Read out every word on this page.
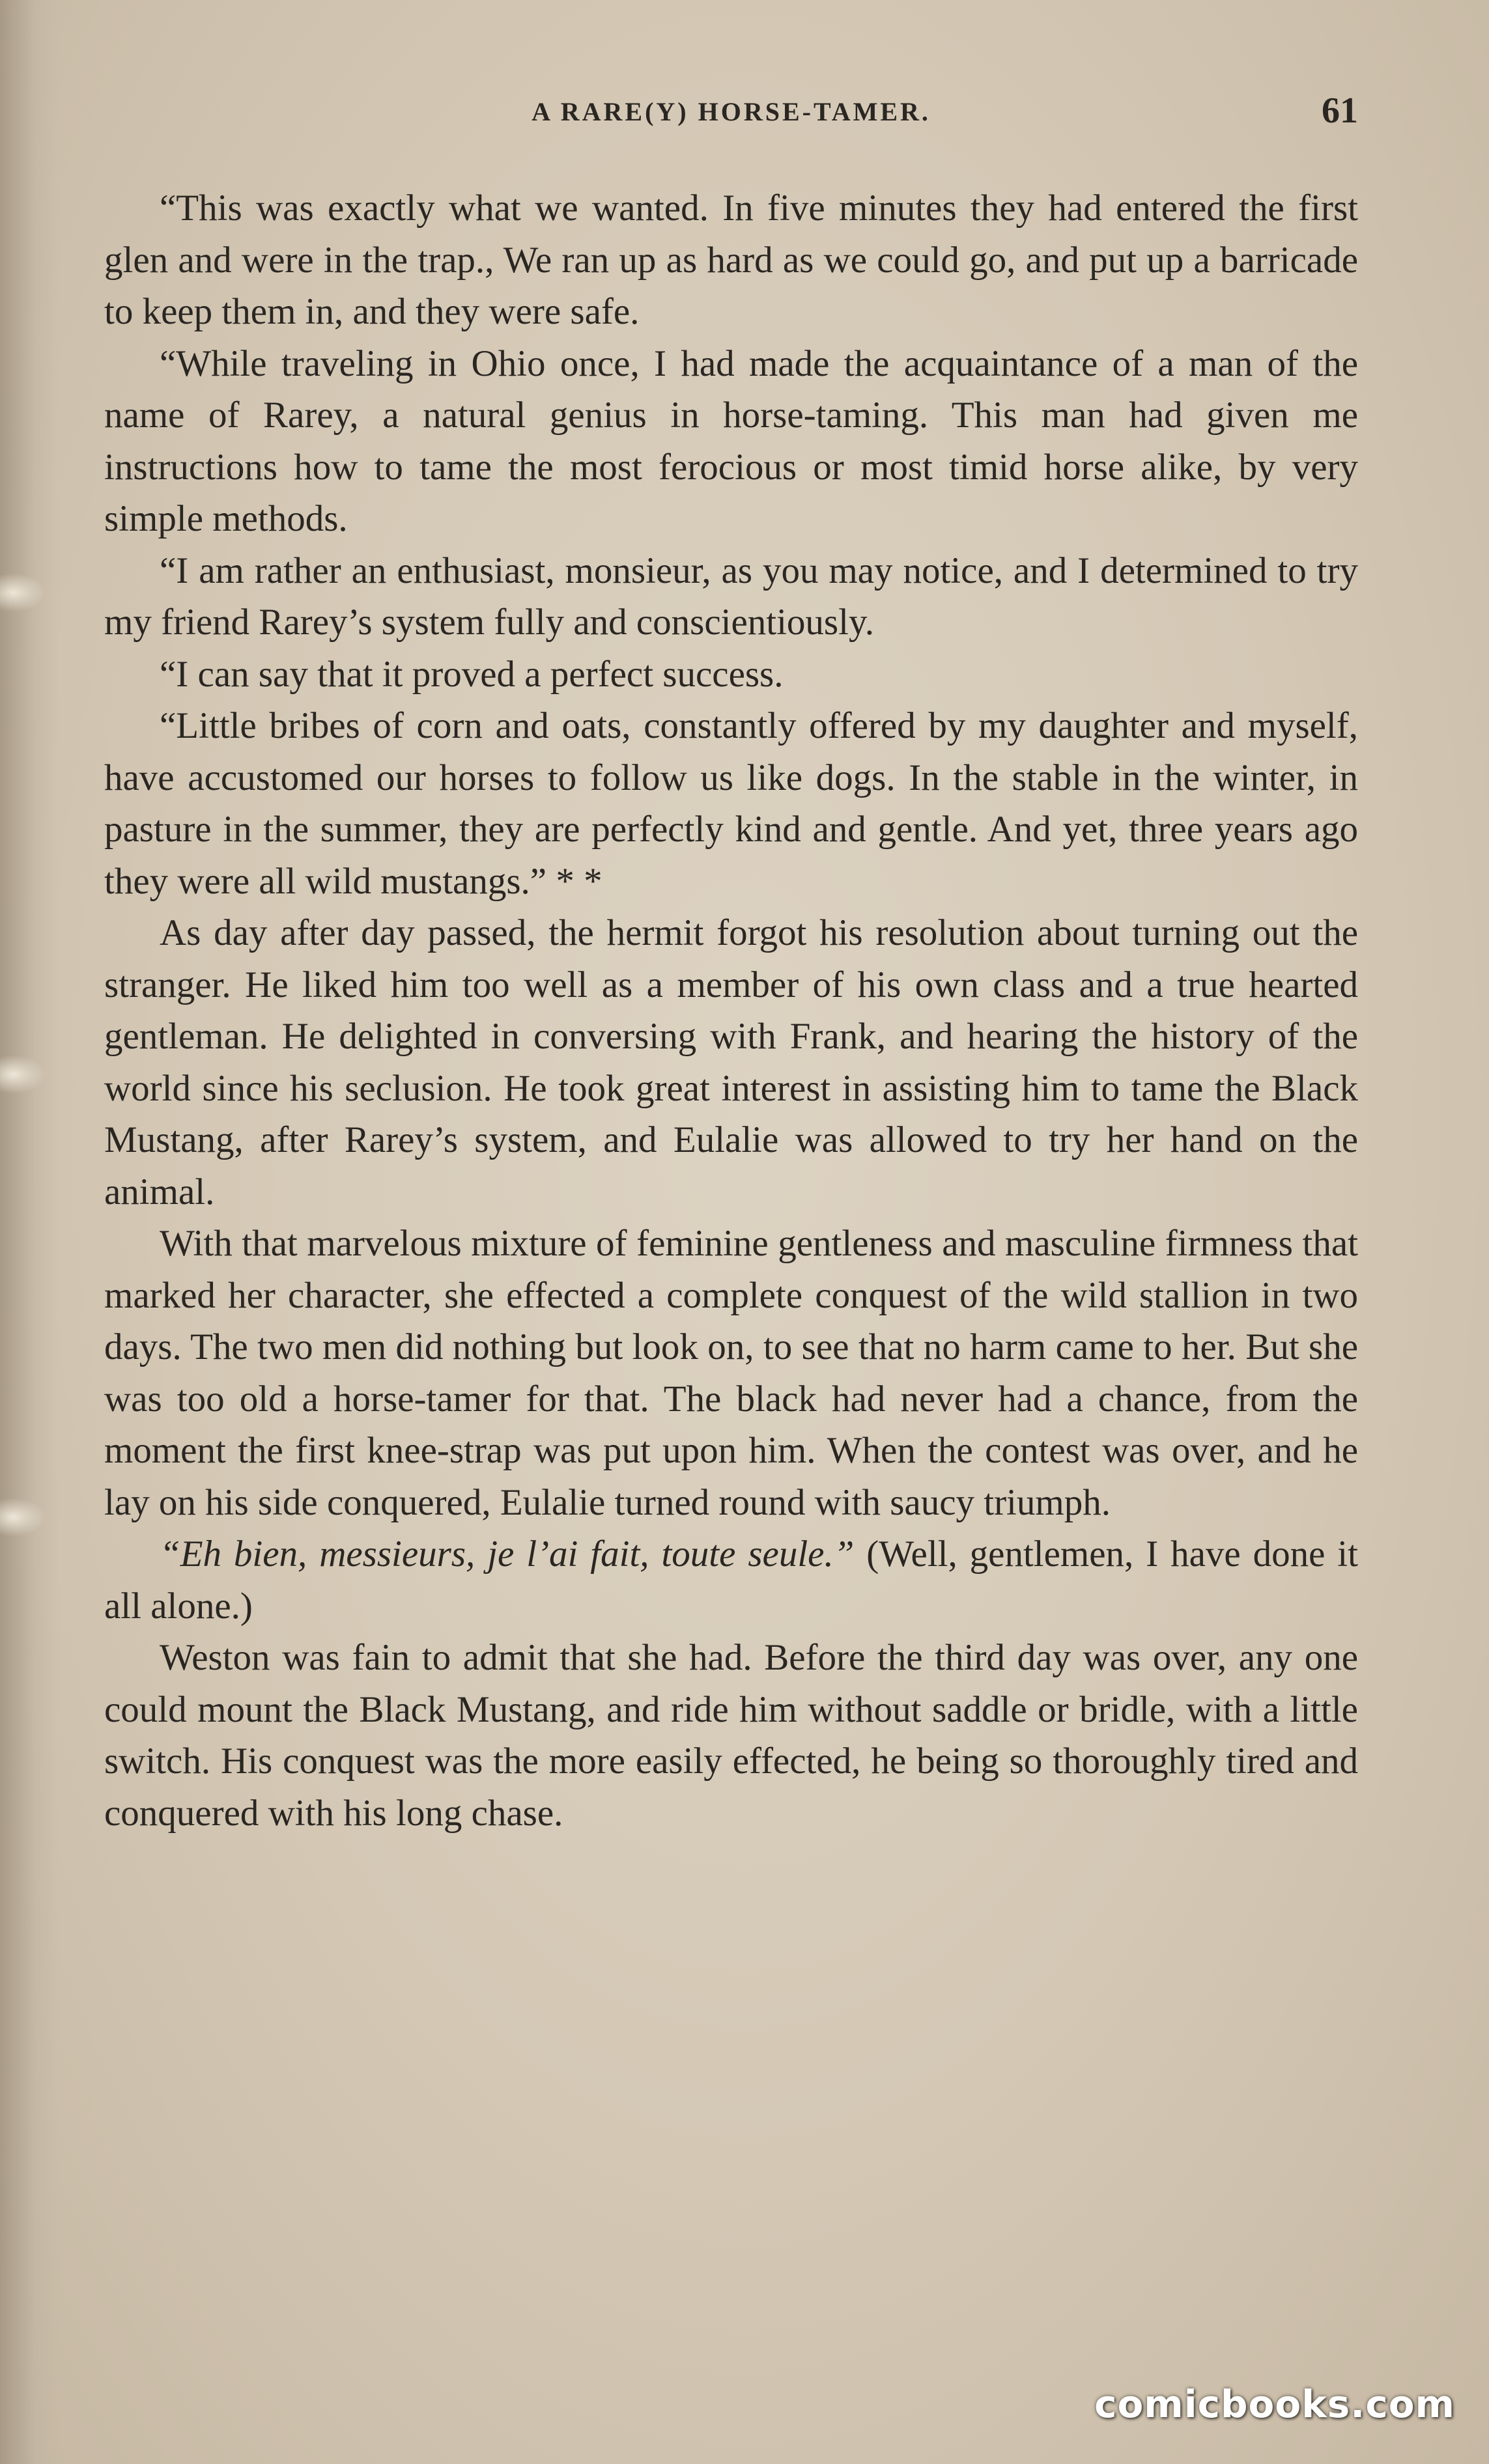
A RARE(Y) HORSE-TAMER.	61

“This was exactly what we wanted. In five minutes they had entered the first glen and were in the trap., We ran up as hard as we could go, and put up a barricade to keep them in, and they were safe.

“While traveling in Ohio once, I had made the acquaintance of a man of the name of Rarey, a natural genius in horse-taming. This man had given me instructions how to tame the most ferocious or most timid horse alike, by very simple methods.

“I am rather an enthusiast, monsieur, as you may notice, and I determined to try my friend Rarey’s system fully and conscientiously.

“I can say that it proved a perfect success.

“Little bribes of corn and oats, constantly offered by my daughter and myself, have accustomed our horses to follow us like dogs. In the stable in the winter, in pasture in the summer, they are perfectly kind and gentle. And yet, three years ago they were all wild mustangs.” * *

As day after day passed, the hermit forgot his resolution about turning out the stranger. He liked him too well as a member of his own class and a true hearted gentleman. He delighted in conversing with Frank, and hearing the history of the world since his seclusion. He took great interest in assisting him to tame the Black Mustang, after Rarey’s system, and Eulalie was allowed to try her hand on the animal.

With that marvelous mixture of feminine gentleness and masculine firmness that marked her character, she effected a complete conquest of the wild stallion in two days. The two men did nothing but look on, to see that no harm came to her. But she was too old a horse-tamer for that. The black had never had a chance, from the moment the first knee-strap was put upon him. When the contest was over, and he lay on his side conquered, Eulalie turned round with saucy triumph.

“Eh bien, messieurs, je l’ai fait, toute seule.” (Well, gentlemen, I have done it all alone.)

Weston was fain to admit that she had. Before the third day was over, any one could mount the Black Mustang, and ride him without saddle or bridle, with a little switch. His conquest was the more easily effected, he being so thoroughly tired and conquered with his long chase.

comicbooks.com
